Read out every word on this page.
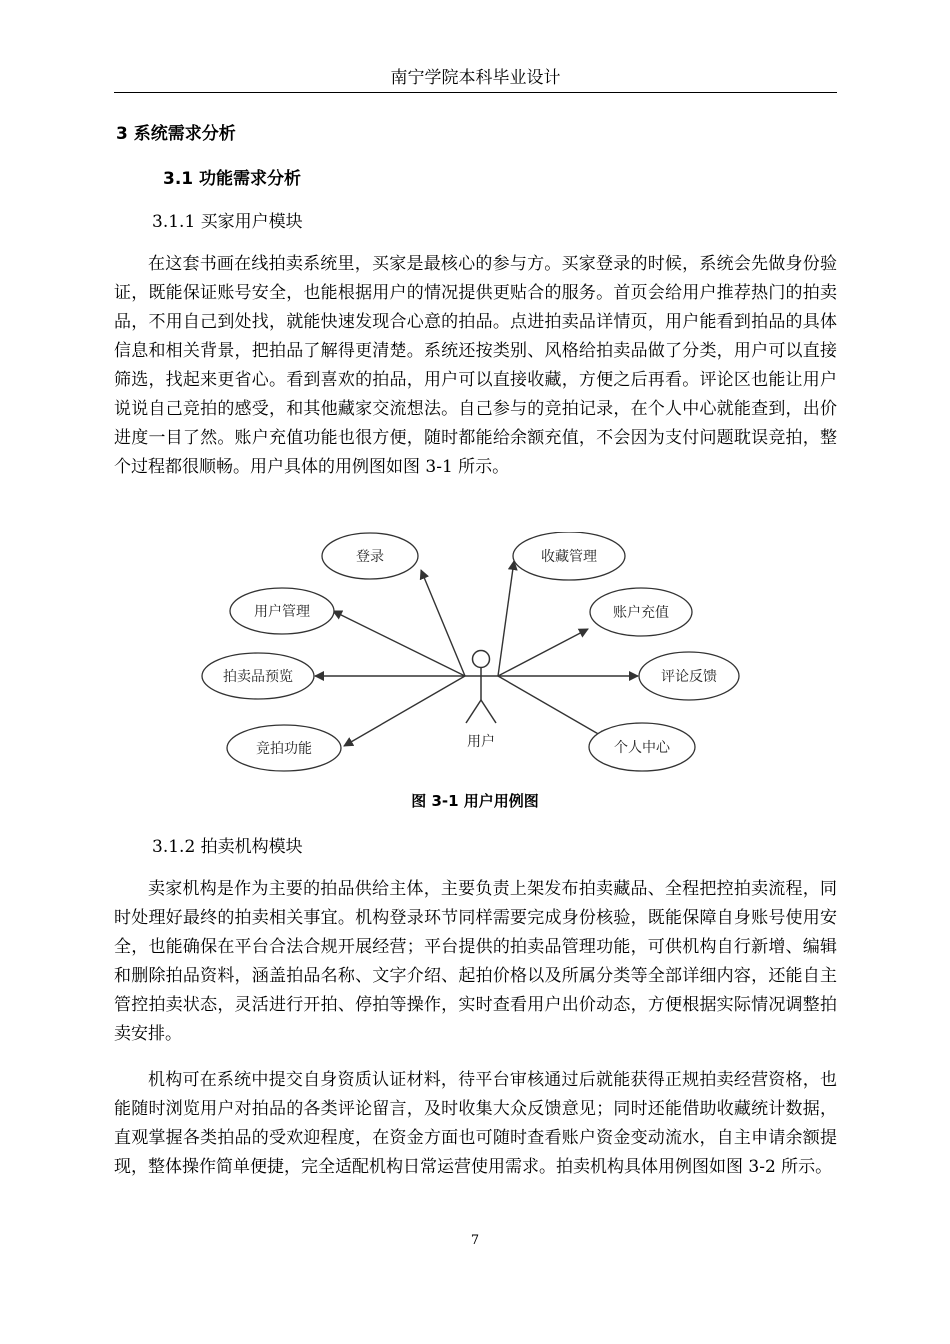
南宁学院本科毕业设计
3 系统需求分析
3.1 功能需求分析
3.1.1 买家用户模块

在这套书画在线拍卖系统里，买家是最核心的参与方。买家登录的时候，系统会先做身份验证，既能保证账号安全，也能根据用户的情况提供更贴合的服务。首页会给用户推荐热门的拍卖品，不用自己到处找，就能快速发现合心意的拍品。点进拍卖品详情页，用户能看到拍品的具体信息和相关背景，把拍品了解得更清楚。系统还按类别、风格给拍卖品做了分类，用户可以直接筛选，找起来更省心。看到喜欢的拍品，用户可以直接收藏，方便之后再看。评论区也能让用户说说自己竞拍的感受，和其他藏家交流想法。自己参与的竞拍记录，在个人中心就能查到，出价进度一目了然。账户充值功能也很方便，随时都能给余额充值，不会因为支付问题耽误竞拍，整个过程都很顺畅。用户具体的用例图如图 3-1 所示。

用户
登录
用户管理
拍卖品预览
竞拍功能
收藏管理
账户充值
评论反馈
个人中心
图 3-1 用户用例图
3.1.2 拍卖机构模块

卖家机构是作为主要的拍品供给主体，主要负责上架发布拍卖藏品、全程把控拍卖流程，同时处理好最终的拍卖相关事宜。机构登录环节同样需要完成身份核验，既能保障自身账号使用安全，也能确保在平台合法合规开展经营；平台提供的拍卖品管理功能，可供机构自行新增、编辑和删除拍品资料，涵盖拍品名称、文字介绍、起拍价格以及所属分类等全部详细内容，还能自主管控拍卖状态，灵活进行开拍、停拍等操作，实时查看用户出价动态，方便根据实际情况调整拍卖安排。

机构可在系统中提交自身资质认证材料，待平台审核通过后就能获得正规拍卖经营资格，也能随时浏览用户对拍品的各类评论留言，及时收集大众反馈意见；同时还能借助收藏统计数据，直观掌握各类拍品的受欢迎程度，在资金方面也可随时查看账户资金变动流水，自主申请余额提现，整体操作简单便捷，完全适配机构日常运营使用需求。拍卖机构具体用例图如图 3-2 所示。

7
